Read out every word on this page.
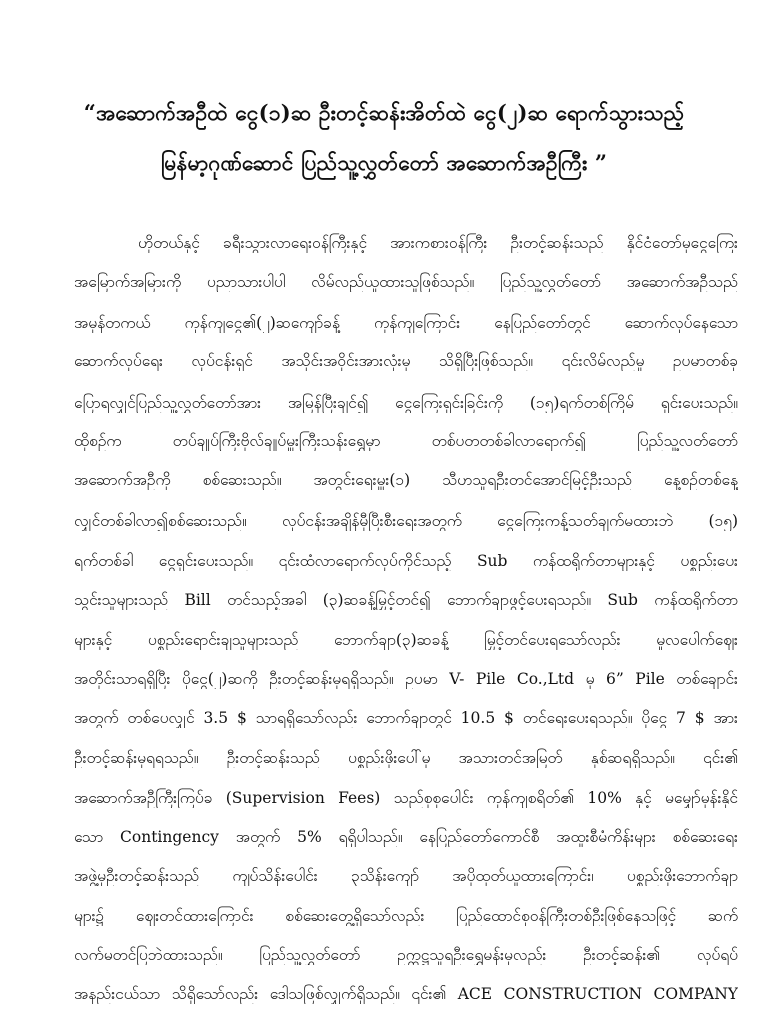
“အဆောက်အဦထဲ ငွေ(၁)ဆ ဦးတင့်ဆန်းအိတ်ထဲ ငွေ(၂)ဆ ရောက်သွားသည့်
မြန်မာ့ဂုဏ်ဆောင် ပြည်သူ့လွှတ်တော် အဆောက်အဦကြီး ”
ဟိုတယ်နှင့် ခရီးသွားလာရေးဝန်ကြီးနှင့် အားကစားဝန်ကြီး ဦးတင့်ဆန်းသည် နိုင်ငံတော်မှငွေကြေး
အမြောက်အမြားကို ပညာသားပါပါ လိမ်လည်ယူထားသူဖြစ်သည်။ ပြည်သူ့လွှတ်တော် အဆောက်အဦသည်
အမှန်တကယ် ကုန်ကျငွေ၏(၂)ဆကျော်ခန့် ကုန်ကျကြောင်း နေပြည်တော်တွင် ဆောက်လုပ်နေသော
ဆောက်လုပ်ရေး လုပ်ငန်းရှင် အသိုင်းအဝိုင်းအားလုံးမှ သိရှိပြီးဖြစ်သည်။ ၎င်းလိမ်လည်မှု ဥပမာတစ်ခု
ပြောရလျှင်ပြည်သူ့လွှတ်တော်အား အမြန်ပြီးချင်၍ ငွေကြေးရှင်းခြင်းကို (၁၅)ရက်တစ်ကြိမ် ရှင်းပေးသည်။
ထိုစဉ်က တပ်ချုပ်ကြီးဗိုလ်ချုပ်မှူးကြီးသန်းရွှေမှာ တစ်ပတတစ်ခါလာရောက်၍ ပြည်သူ့လတ်တော်
အဆောက်အဦကို စစ်ဆေးသည်။ အတွင်းရေးမှူး(၁) သီဟသူရဦးတင်အောင်မြင့်ဦးသည် နေ့စဉ်တစ်နေ့
လျှင်တစ်ခါလာ၍စစ်ဆေးသည်။ လုပ်ငန်းအချိန်မှီပြီးစီးရေးအတွက် ငွေကြေးကန့်သတ်ချက်မထားဘဲ (၁၅)
ရက်တစ်ခါ ငွေရှင်းပေးသည်။ ၎င်းထံလာရောက်လုပ်ကိုင်သည့် Sub ကန်ထရိုက်တာများနှင့် ပစ္စည်းပေး
သွင်းသူများသည် Bill တင်သည့်အခါ (၃)ဆခန့်မြှင့်တင်၍ ဘောက်ချာဖွင့်ပေးရသည်။ Sub ကန်ထရိုက်တာ
များနှင့် ပစ္စည်းရောင်းချသူများသည် ဘောက်ချာ(၃)ဆခန့် မြှင့်တင်ပေးရသော်လည်း မူလပေါက်ဈေး
အတိုင်းသာရရှိပြီး ပိုငွေ(၂)ဆကို ဦးတင့်ဆန်းမှရရှိသည်။ ဥပမာ V- Pile Co.,Ltd မှ 6” Pile တစ်ချောင်း
အတွက် တစ်ပေလျှင် 3.5 $ သာရရှိသော်လည်း ဘောက်ချာတွင် 10.5 $ တင်ရေးပေးရသည်။ ပိုငွေ 7 $ အား
ဦးတင့်ဆန်းမှရရသည်။ ဦးတင့်ဆန်းသည် ပစ္စည်းဖိုးပေါ်မှ အသားတင်အမြတ် နှစ်ဆရရှိသည်။ ၎င်း၏
အဆောက်အဦကြီးကြပ်ခ (Supervision Fees) သည်စုစုပေါင်း ကုန်ကျစရိတ်၏ 10% နှင့် မမျှော်မှန်းနိုင်
သော Contingency အတွက် 5% ရရှိပါသည်။ နေပြည်တော်ကောင်စီ အထူးစီမံကိန်းများ စစ်ဆေးရေး
အဖွဲ့မှဦးတင့်ဆန်းသည် ကျပ်သိန်းပေါင်း ၃သိန်းကျော် အပိုထုတ်ယူထားကြောင်း၊ ပစ္စည်းဖိုးဘောက်ချာ
များ၌ ဈေးတင်ထားကြောင်း စစ်ဆေးတွေ့ရှိသော်လည်း ပြည်ထောင်စုဝန်ကြီးတစ်ဦးဖြစ်နေသဖြင့် ဆက်
လက်မတင်ပြဘဲထားသည်။ ပြည်သူ့လွှတ်တော် ဥက္ကဋ္ဌသူရဦးရွှေမန်းမှလည်း ဦးတင့်ဆန်း၏ လုပ်ရပ်
အနည်းငယ်သာ သိရှိသော်လည်း ဒေါသဖြစ်လျှက်ရှိသည်။ ၎င်း၏ ACE CONSTRUCTION COMPANY
